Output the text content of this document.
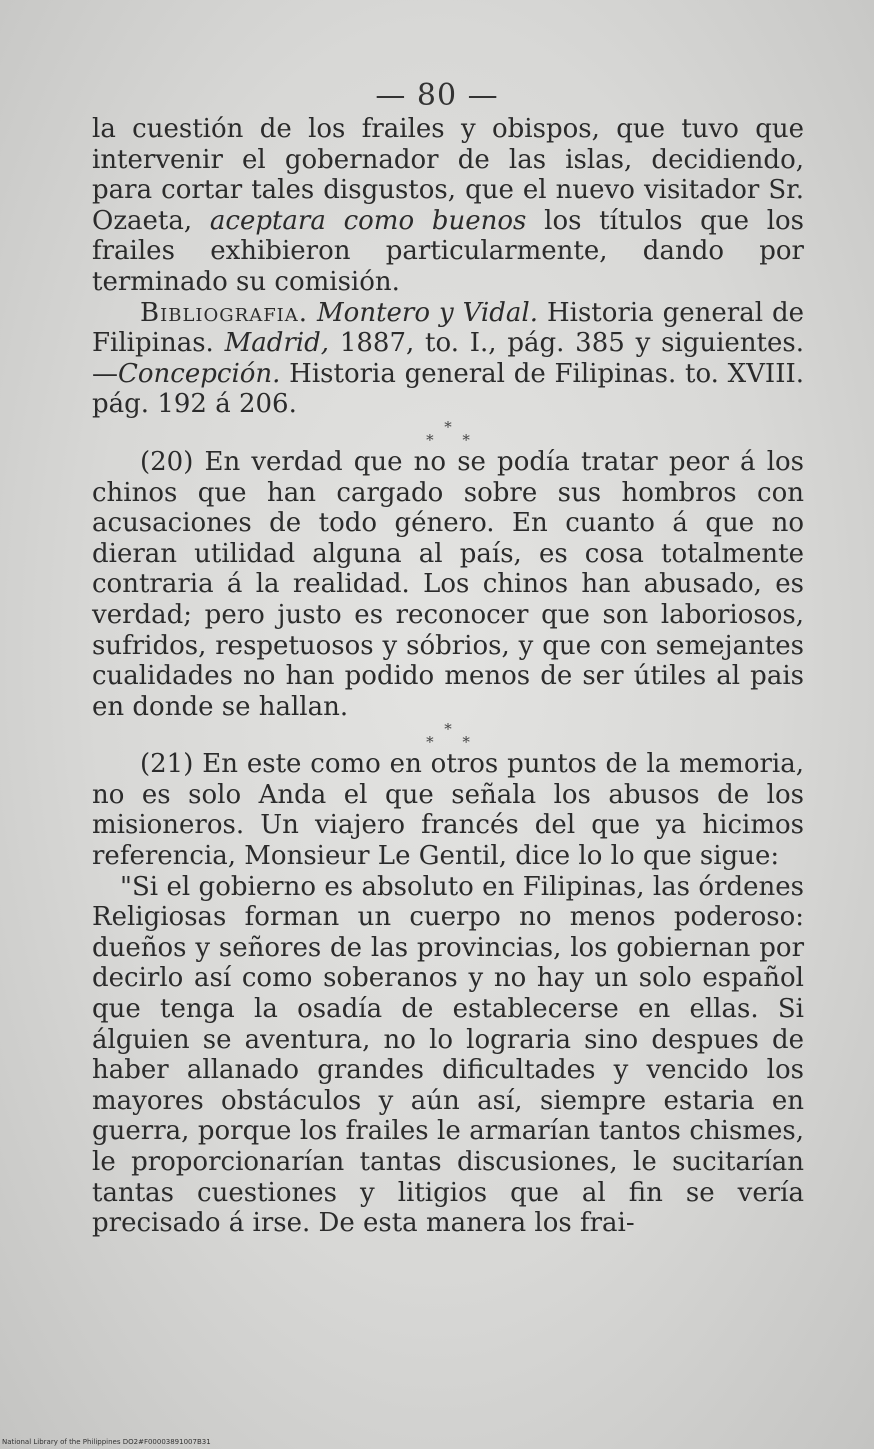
— 80 —

la cuestión de los frailes y obispos, que tuvo que intervenir el gobernador de las islas, decidiendo, para cortar tales disgustos, que el nuevo visitador Sr. Ozaeta, aceptara como buenos los títulos que los frailes exhibieron particularmente, dando por terminado su comisión.

Bibliografia. Montero y Vidal. Historia general de Filipinas. Madrid, 1887, to. I., pág. 385 y siguientes.—Concepción. Historia general de Filipinas. to. XVIII. pág. 192 á 206.

*
* *

(20) En verdad que no se podía tratar peor á los chinos que han cargado sobre sus hombros con acusaciones de todo género. En cuanto á que no dieran utilidad alguna al país, es cosa totalmente contraria á la realidad. Los chinos han abusado, es verdad; pero justo es reconocer que son laboriosos, sufridos, respetuosos y sóbrios, y que con semejantes cualidades no han podido menos de ser útiles al pais en donde se hallan.

*
* *

(21) En este como en otros puntos de la memoria, no es solo Anda el que señala los abusos de los misioneros. Un viajero francés del que ya hicimos referencia, Monsieur Le Gentil, dice lo lo que sigue:

"Si el gobierno es absoluto en Filipinas, las órdenes Religiosas forman un cuerpo no menos poderoso: dueños y señores de las provincias, los gobiernan por decirlo así como soberanos y no hay un solo español que tenga la osadía de establecerse en ellas. Si álguien se aventura, no lo lograria sino despues de haber allanado grandes dificultades y vencido los mayores obstáculos y aún así, siempre estaria en guerra, porque los frailes le armarían tantos chismes, le proporcionarían tantas discusiones, le sucitarían tantas cuestiones y litigios que al fin se vería precisado á irse. De esta manera los frai-

National Library of the Philippines DO2#F00003891007B31
